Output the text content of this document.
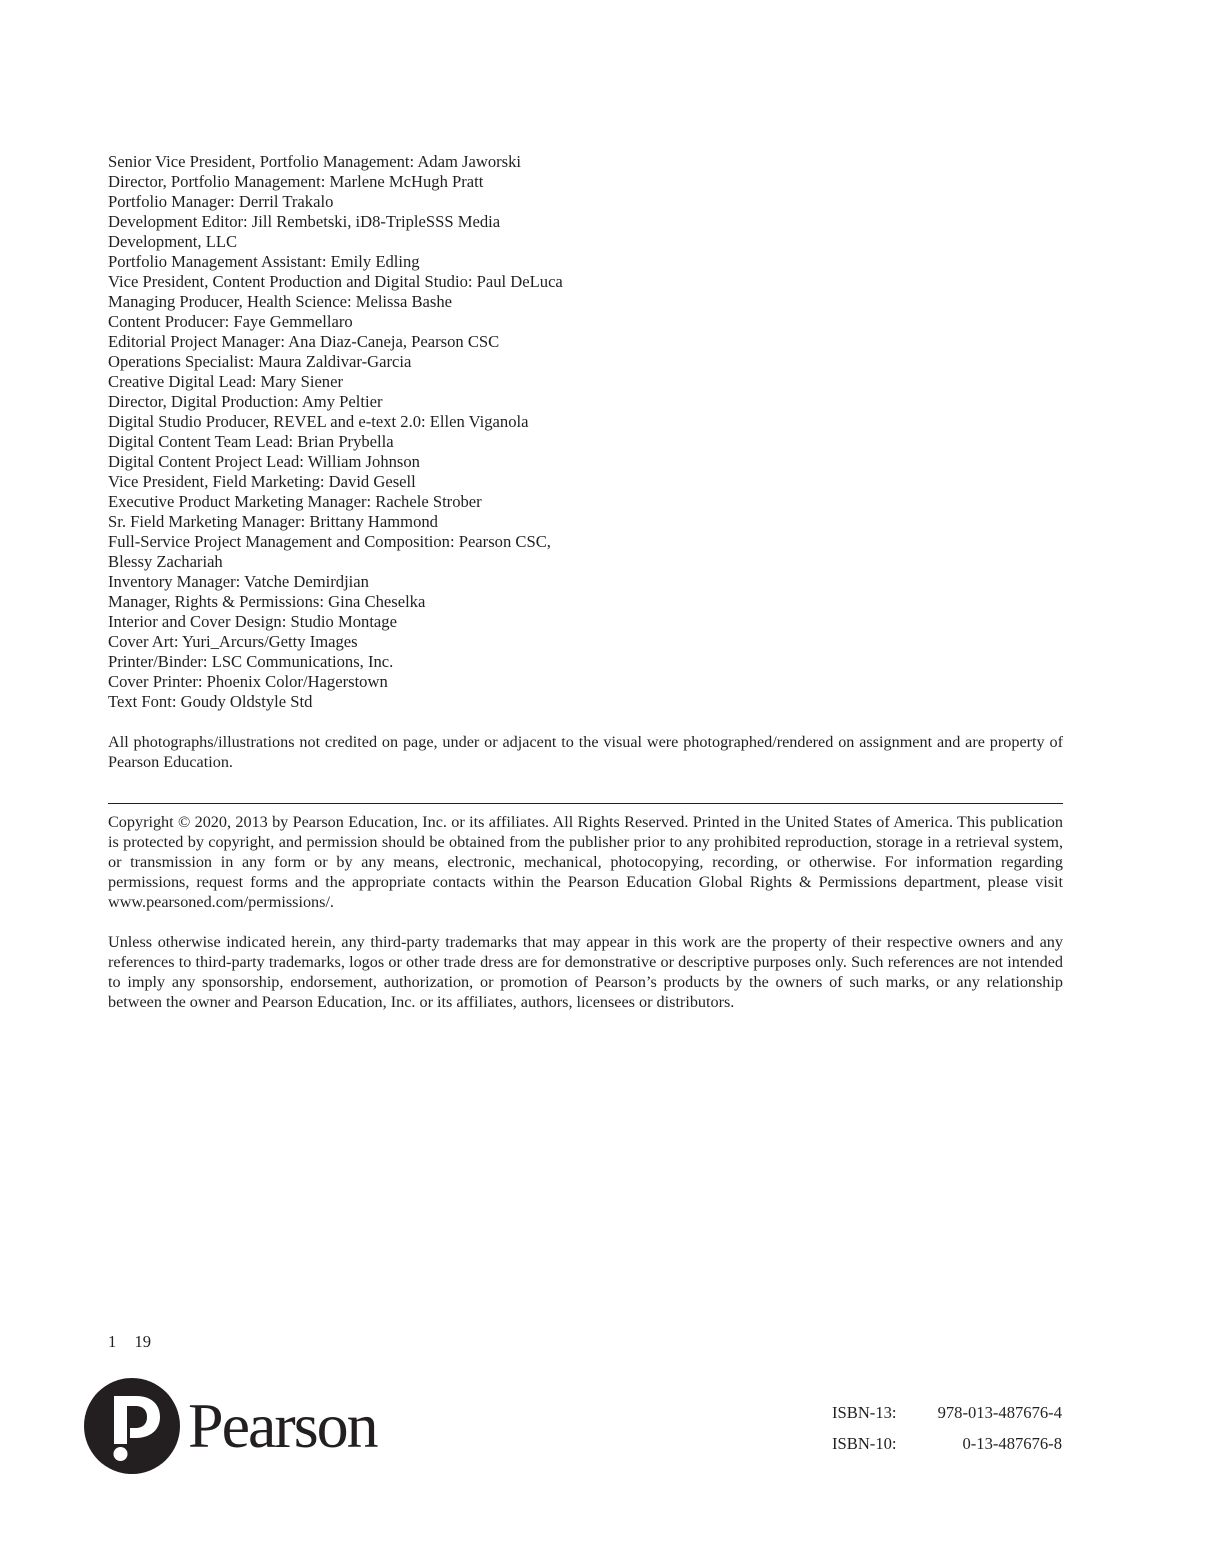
Senior Vice President, Portfolio Management: Adam Jaworski
Director, Portfolio Management: Marlene McHugh Pratt
Portfolio Manager: Derril Trakalo
Development Editor: Jill Rembetski, iD8-TripleSSS Media
Development, LLC
Portfolio Management Assistant: Emily Edling
Vice President, Content Production and Digital Studio: Paul DeLuca
Managing Producer, Health Science: Melissa Bashe
Content Producer: Faye Gemmellaro
Editorial Project Manager: Ana Diaz-Caneja, Pearson CSC
Operations Specialist: Maura Zaldivar-Garcia
Creative Digital Lead: Mary Siener
Director, Digital Production: Amy Peltier
Digital Studio Producer, REVEL and e-text 2.0: Ellen Viganola
Digital Content Team Lead: Brian Prybella
Digital Content Project Lead: William Johnson
Vice President, Field Marketing: David Gesell
Executive Product Marketing Manager: Rachele Strober
Sr. Field Marketing Manager: Brittany Hammond
Full-Service Project Management and Composition: Pearson CSC,
Blessy Zachariah
Inventory Manager: Vatche Demirdjian
Manager, Rights & Permissions: Gina Cheselka
Interior and Cover Design: Studio Montage
Cover Art: Yuri_Arcurs/Getty Images
Printer/Binder: LSC Communications, Inc.
Cover Printer: Phoenix Color/Hagerstown
Text Font: Goudy Oldstyle Std

All photographs/illustrations not credited on page, under or adjacent to the visual were photographed/rendered on assignment and are property of Pearson Education.

Copyright © 2020, 2013 by Pearson Education, Inc. or its affiliates. All Rights Reserved. Printed in the United States of America. This publication is protected by copyright, and permission should be obtained from the publisher prior to any prohibited reproduction, storage in a retrieval system, or transmission in any form or by any means, electronic, mechanical, photocopying, recording, or otherwise. For information regarding permissions, request forms and the appropriate contacts within the Pearson Education Global Rights & Permissions department, please visit www.pearsoned.com/permissions/.

Unless otherwise indicated herein, any third-party trademarks that may appear in this work are the property of their respective owners and any references to third-party trademarks, logos or other trade dress are for demonstrative or descriptive purposes only. Such references are not intended to imply any sponsorship, endorsement, authorization, or promotion of Pearson’s products by the owners of such marks, or any relationship between the owner and Pearson Education, Inc. or its affiliates, authors, licensees or distributors.

1 19
Pearson	ISBN-13: 978-013-487676-4
ISBN-10:	0-13-487676-8
